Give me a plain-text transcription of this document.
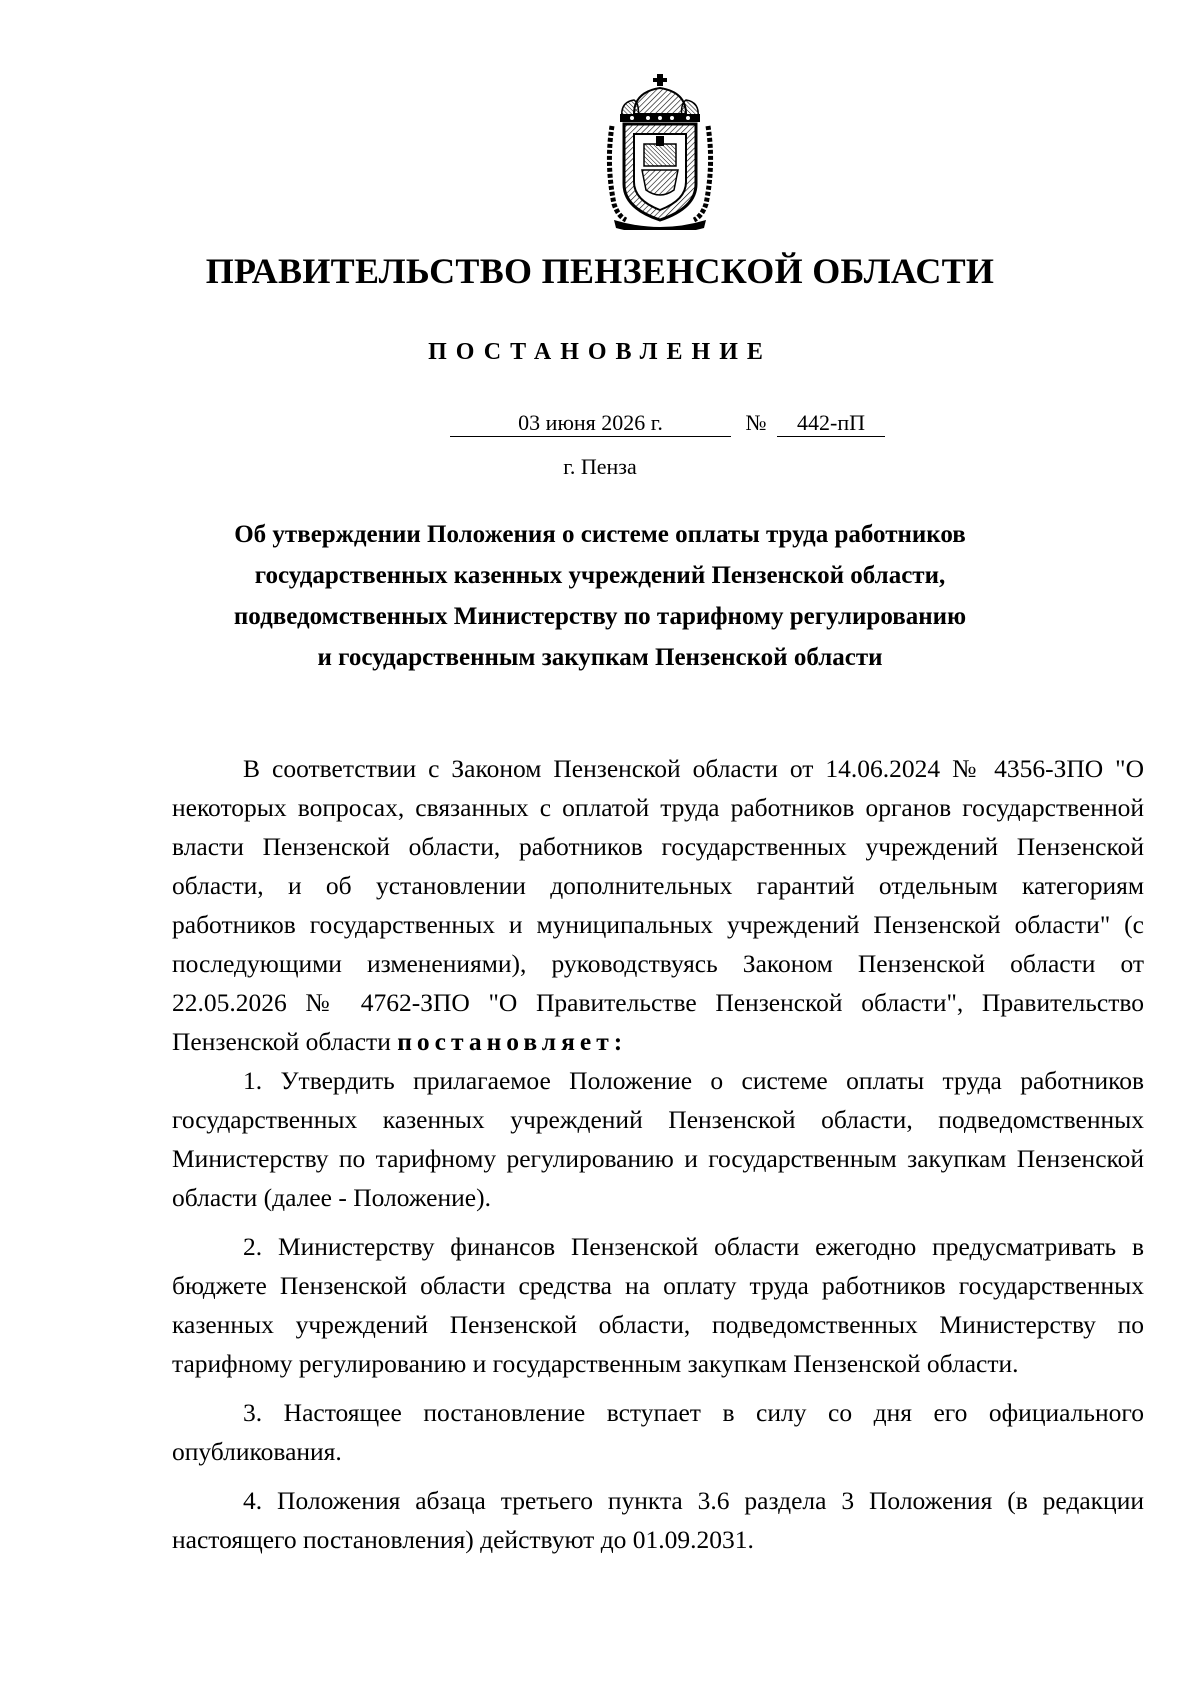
ПРАВИТЕЛЬСТВО ПЕНЗЕНСКОЙ ОБЛАСТИ
ПОСТАНОВЛЕНИЕ
03 июня 2026 г.	№	442-пП
г. Пенза
Об утверждении Положения о системе оплаты труда работников
государственных казенных учреждений Пензенской области,
подведомственных Министерству по тарифному регулированию
и государственным закупкам Пензенской области

В соответствии с Законом Пензенской области от 14.06.2024 № 4356-ЗПО "О некоторых вопросах, связанных с оплатой труда работников органов государственной власти Пензенской области, работников государственных учреждений Пензенской области, и об установлении дополнительных гарантий отдельным категориям работников государственных и муниципальных учреждений Пензенской области" (с последующими изменениями), руководствуясь Законом Пензенской области от 22.05.2026 № 4762-ЗПО "О Правительстве Пензенской области", Правительство Пензенской области постановляет:

1. Утвердить прилагаемое Положение о системе оплаты труда работников государственных казенных учреждений Пензенской области, подведомственных Министерству по тарифному регулированию и государственным закупкам Пензенской области (далее - Положение).

2. Министерству финансов Пензенской области ежегодно предусматривать в бюджете Пензенской области средства на оплату труда работников государственных казенных учреждений Пензенской области, подведомственных Министерству по тарифному регулированию и государственным закупкам Пензенской области.

3. Настоящее постановление вступает в силу со дня его официального опубликования.

4. Положения абзаца третьего пункта 3.6 раздела 3 Положения (в редакции настоящего постановления) действуют до 01.09.2031.
